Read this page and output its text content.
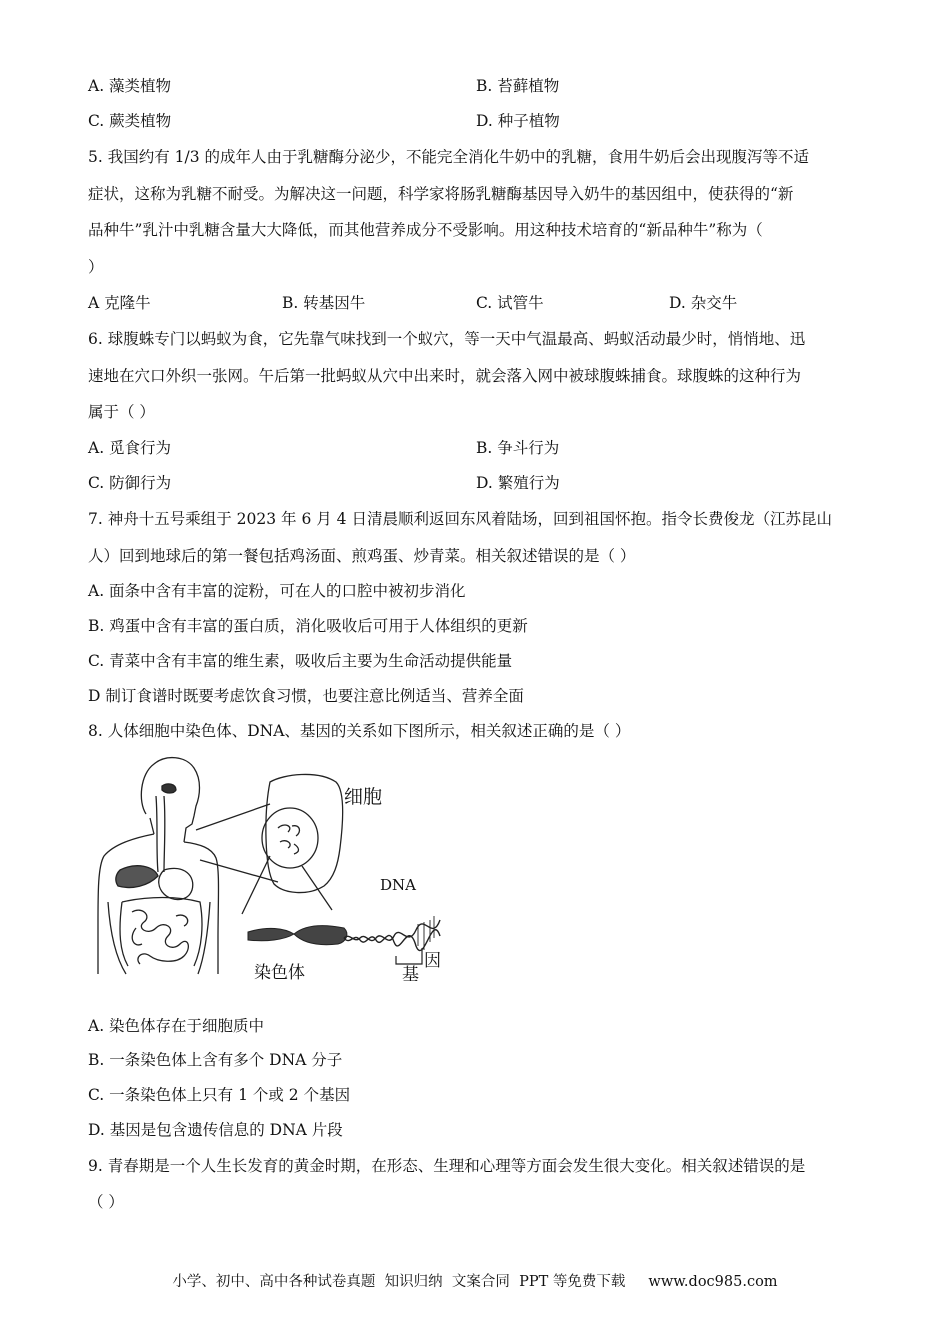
A. 藻类植物	B. 苔藓植物
C. 蕨类植物	D. 种子植物
5. 我国约有 1/3 的成年人由于乳糖酶分泌少，不能完全消化牛奶中的乳糖，食用牛奶后会出现腹泻等不适
症状，这称为乳糖不耐受。为解决这一问题，科学家将肠乳糖酶基因导入奶牛的基因组中，使获得的“新
品种牛”乳汁中乳糖含量大大降低，而其他营养成分不受影响。用这种技术培育的“新品种牛”称为（
）
A 克隆牛	B. 转基因牛	C. 试管牛	D. 杂交牛
6. 球腹蛛专门以蚂蚁为食，它先靠气味找到一个蚁穴，等一天中气温最高、蚂蚁活动最少时，悄悄地、迅
速地在穴口外织一张网。午后第一批蚂蚁从穴中出来时，就会落入网中被球腹蛛捕食。球腹蛛的这种行为
属于（ ）
A. 觅食行为	B. 争斗行为
C. 防御行为	D. 繁殖行为
7. 神舟十五号乘组于 2023 年 6 月 4 日清晨顺利返回东风着陆场，回到祖国怀抱。指令长费俊龙（江苏昆山
人）回到地球后的第一餐包括鸡汤面、煎鸡蛋、炒青菜。相关叙述错误的是（ ）
A. 面条中含有丰富的淀粉，可在人的口腔中被初步消化
B. 鸡蛋中含有丰富的蛋白质，消化吸收后可用于人体组织的更新
C. 青菜中含有丰富的维生素，吸收后主要为生命活动提供能量
D 制订食谱时既要考虑饮食习惯，也要注意比例适当、营养全面
8. 人体细胞中染色体、DNA、基因的关系如下图所示，相关叙述正确的是（ ）
细胞
DNA
染色体	基
因
A. 染色体存在于细胞质中
B. 一条染色体上含有多个 DNA 分子
C. 一条染色体上只有 1 个或 2 个基因
D. 基因是包含遗传信息的 DNA 片段
9. 青春期是一个人生长发育的黄金时期，在形态、生理和心理等方面会发生很大变化。相关叙述错误的是
（ ）
小学、初中、高中各种试卷真题  知识归纳  文案合同  PPT 等免费下载     www.doc985.com
